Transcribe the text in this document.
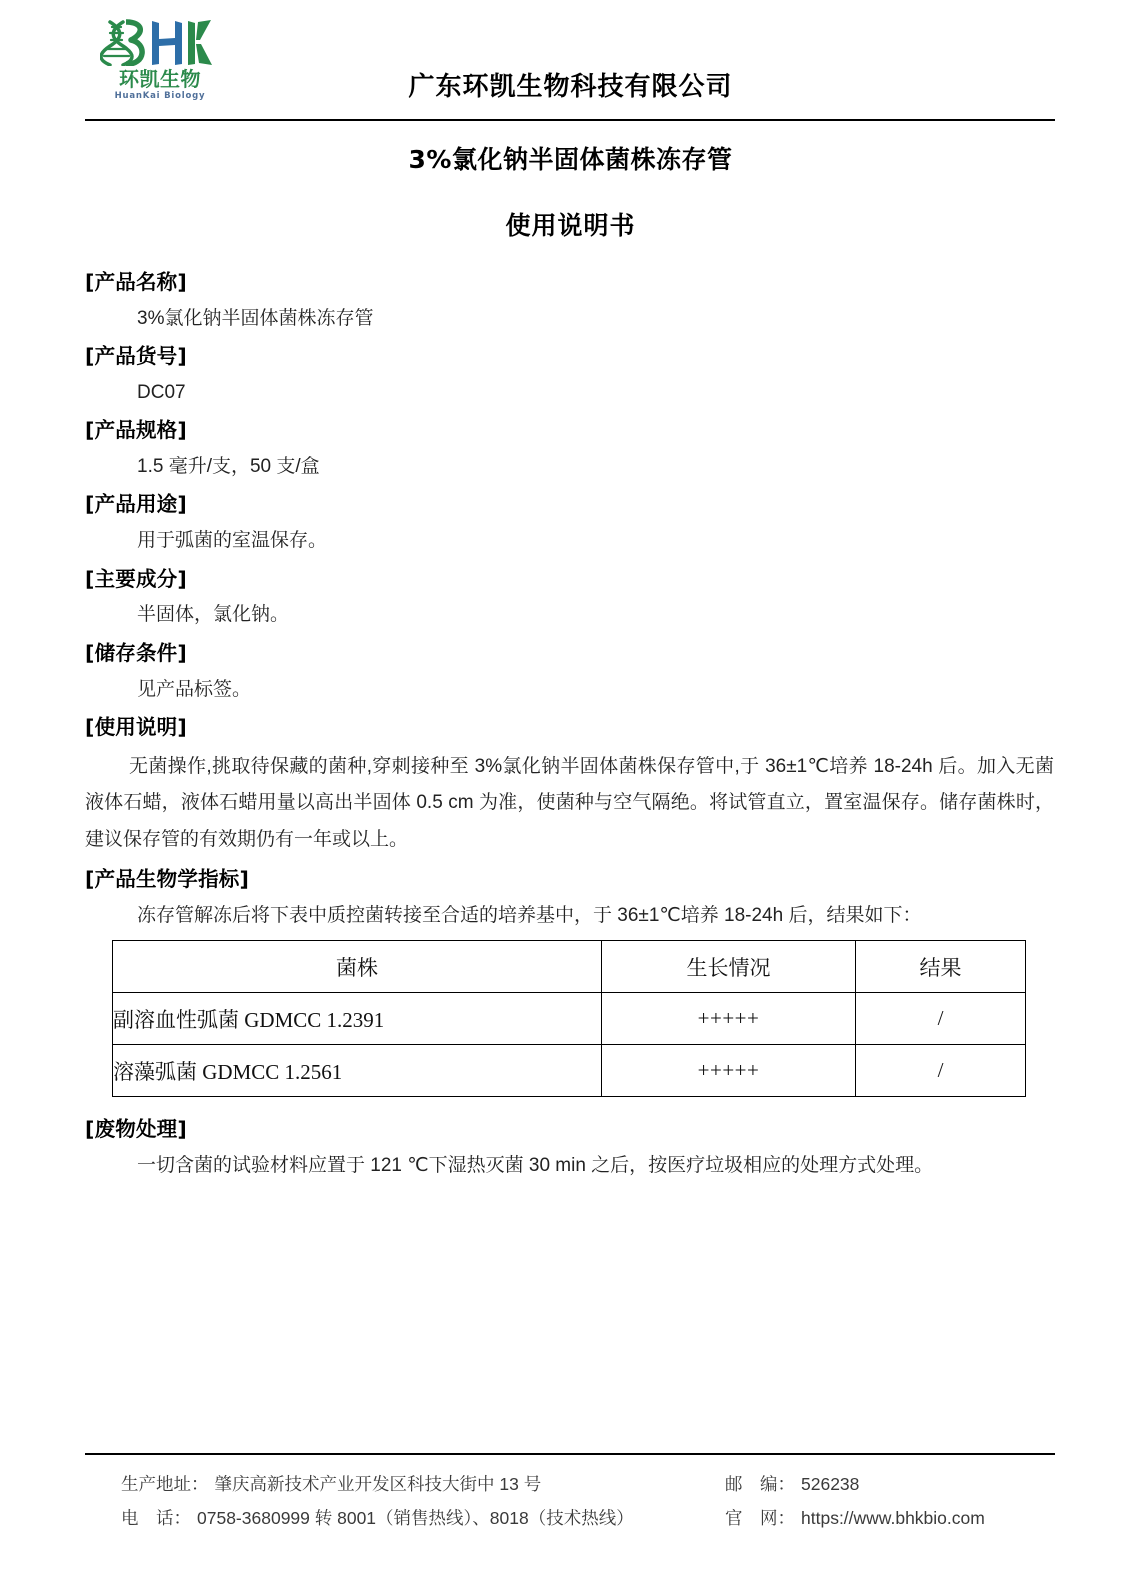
环凯生物
HuanKai Biology	广东环凯生物科技有限公司
3%氯化钠半固体菌株冻存管
使用说明书
[产品名称]

3%氯化钠半固体菌株冻存管

[产品货号]

DC07

[产品规格]

1.5 毫升/支，50 支/盒

[产品用途]

用于弧菌的室温保存。

[主要成分]

半固体，氯化钠。

[储存条件]

见产品标签。

[使用说明]

无菌操作,挑取待保藏的菌种,穿刺接种至 3%氯化钠半固体菌株保存管中,于 36±1℃培养 18-24h 后。加入无菌液体石蜡，液体石蜡用量以高出半固体 0.5 cm 为准，使菌种与空气隔绝。将试管直立，置室温保存。储存菌株时，建议保存管的有效期仍有一年或以上。

[产品生物学指标]

冻存管解冻后将下表中质控菌转接至合适的培养基中，于 36±1℃培养 18-24h 后，结果如下：

菌株	生长情况	结果
副溶血性弧菌 GDMCC 1.2391	+++++	/
溶藻弧菌 GDMCC 1.2561	+++++	/
[废物处理]

一切含菌的试验材料应置于 121 ℃下湿热灭菌 30 min 之后，按医疗垃圾相应的处理方式处理。

生产地址 ： 肇庆高新技术产业开发区科技大街中 13 号	邮　编 ： 526238
电　话 ： 0758-3680999 转 8001（销售热线）、8018（技术热线）	官　网 ： https://www.bhkbio.com
